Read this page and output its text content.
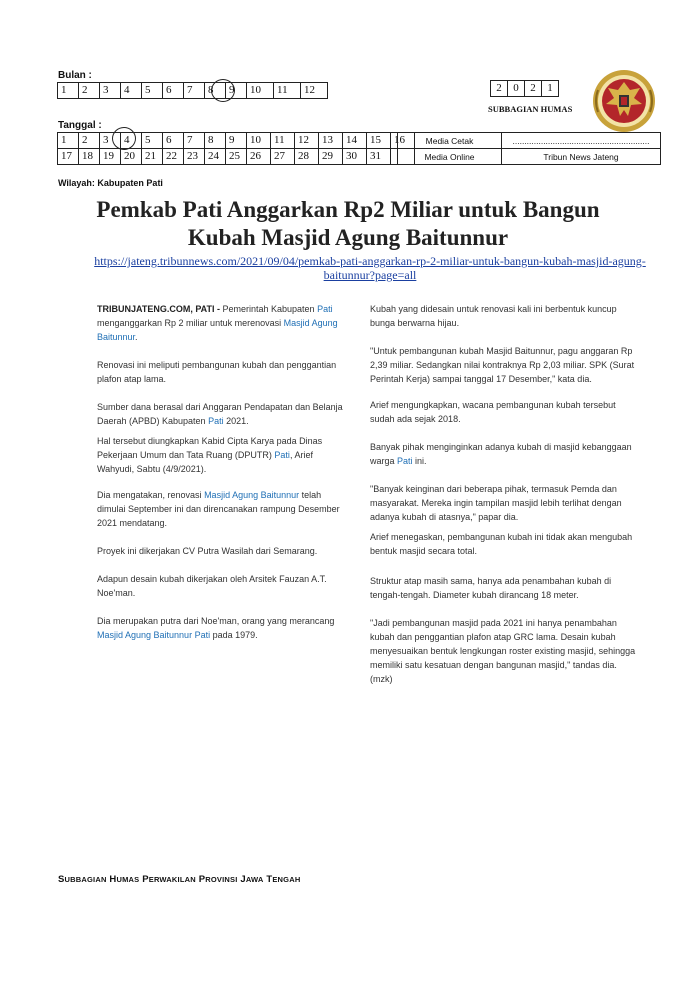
Bulan :
1	2	3	4	5	6	7	8	9	10	11	12	2	0	2	1
SUBBAGIAN HUMAS
Tanggal :
1	2	3	4	5	6	7	8	9	10	11	12	13	14	15	16
17	18	19	20	21	22	23	24	25	26	27	28	29	30	31	
Media Cetak	..........................................................
Media Online	Tribun News Jateng
Wilayah: Kabupaten Pati
Pemkab Pati Anggarkan Rp2 Miliar untuk Bangun
Kubah Masjid Agung Baitunnur
https://jateng.tribunnews.com/2021/09/04/pemkab-pati-anggarkan-rp-2-miliar-untuk-bangun-kubah-masjid-agung-
baitunnur?page=all

TRIBUNJATENG.COM, PATI - Pemerintah Kabupaten Pati menganggarkan Rp 2 miliar untuk merenovasi Masjid Agung Baitunnur.

Renovasi ini meliputi pembangunan kubah dan penggantian plafon atap lama.

Sumber dana berasal dari Anggaran Pendapatan dan Belanja Daerah (APBD) Kabupaten Pati 2021.

Hal tersebut diungkapkan Kabid Cipta Karya pada Dinas Pekerjaan Umum dan Tata Ruang (DPUTR) Pati, Arief Wahyudi, Sabtu (4/9/2021).

Dia mengatakan, renovasi Masjid Agung Baitunnur telah dimulai September ini dan direncanakan rampung Desember 2021 mendatang.

Proyek ini dikerjakan CV Putra Wasilah dari Semarang.

Adapun desain kubah dikerjakan oleh Arsitek Fauzan A.T. Noe'man.

Dia merupakan putra dari Noe'man, orang yang merancang Masjid Agung Baitunnur Pati pada 1979.

Kubah yang didesain untuk renovasi kali ini berbentuk kuncup bunga berwarna hijau.

"Untuk pembangunan kubah Masjid Baitunnur, pagu anggaran Rp 2,39 miliar. Sedangkan nilai kontraknya Rp 2,03 miliar. SPK (Surat Perintah Kerja) sampai tanggal 17 Desember," kata dia.

Arief mengungkapkan, wacana pembangunan kubah tersebut sudah ada sejak 2018.

Banyak pihak menginginkan adanya kubah di masjid kebanggaan warga Pati ini.

"Banyak keinginan dari beberapa pihak, termasuk Pemda dan masyarakat. Mereka ingin tampilan masjid lebih terlihat dengan adanya kubah di atasnya," papar dia.

Arief menegaskan, pembangunan kubah ini tidak akan mengubah bentuk masjid secara total.

Struktur atap masih sama, hanya ada penambahan kubah di tengah-tengah. Diameter kubah dirancang 18 meter.

"Jadi pembangunan masjid pada 2021 ini hanya penambahan kubah dan penggantian plafon atap GRC lama. Desain kubah menyesuaikan bentuk lengkungan roster existing masjid, sehingga memiliki satu kesatuan dengan bangunan masjid," tandas dia. (mzk)

SUBBAGIAN HUMAS PERWAKILAN PROVINSI JAWA TENGAH
